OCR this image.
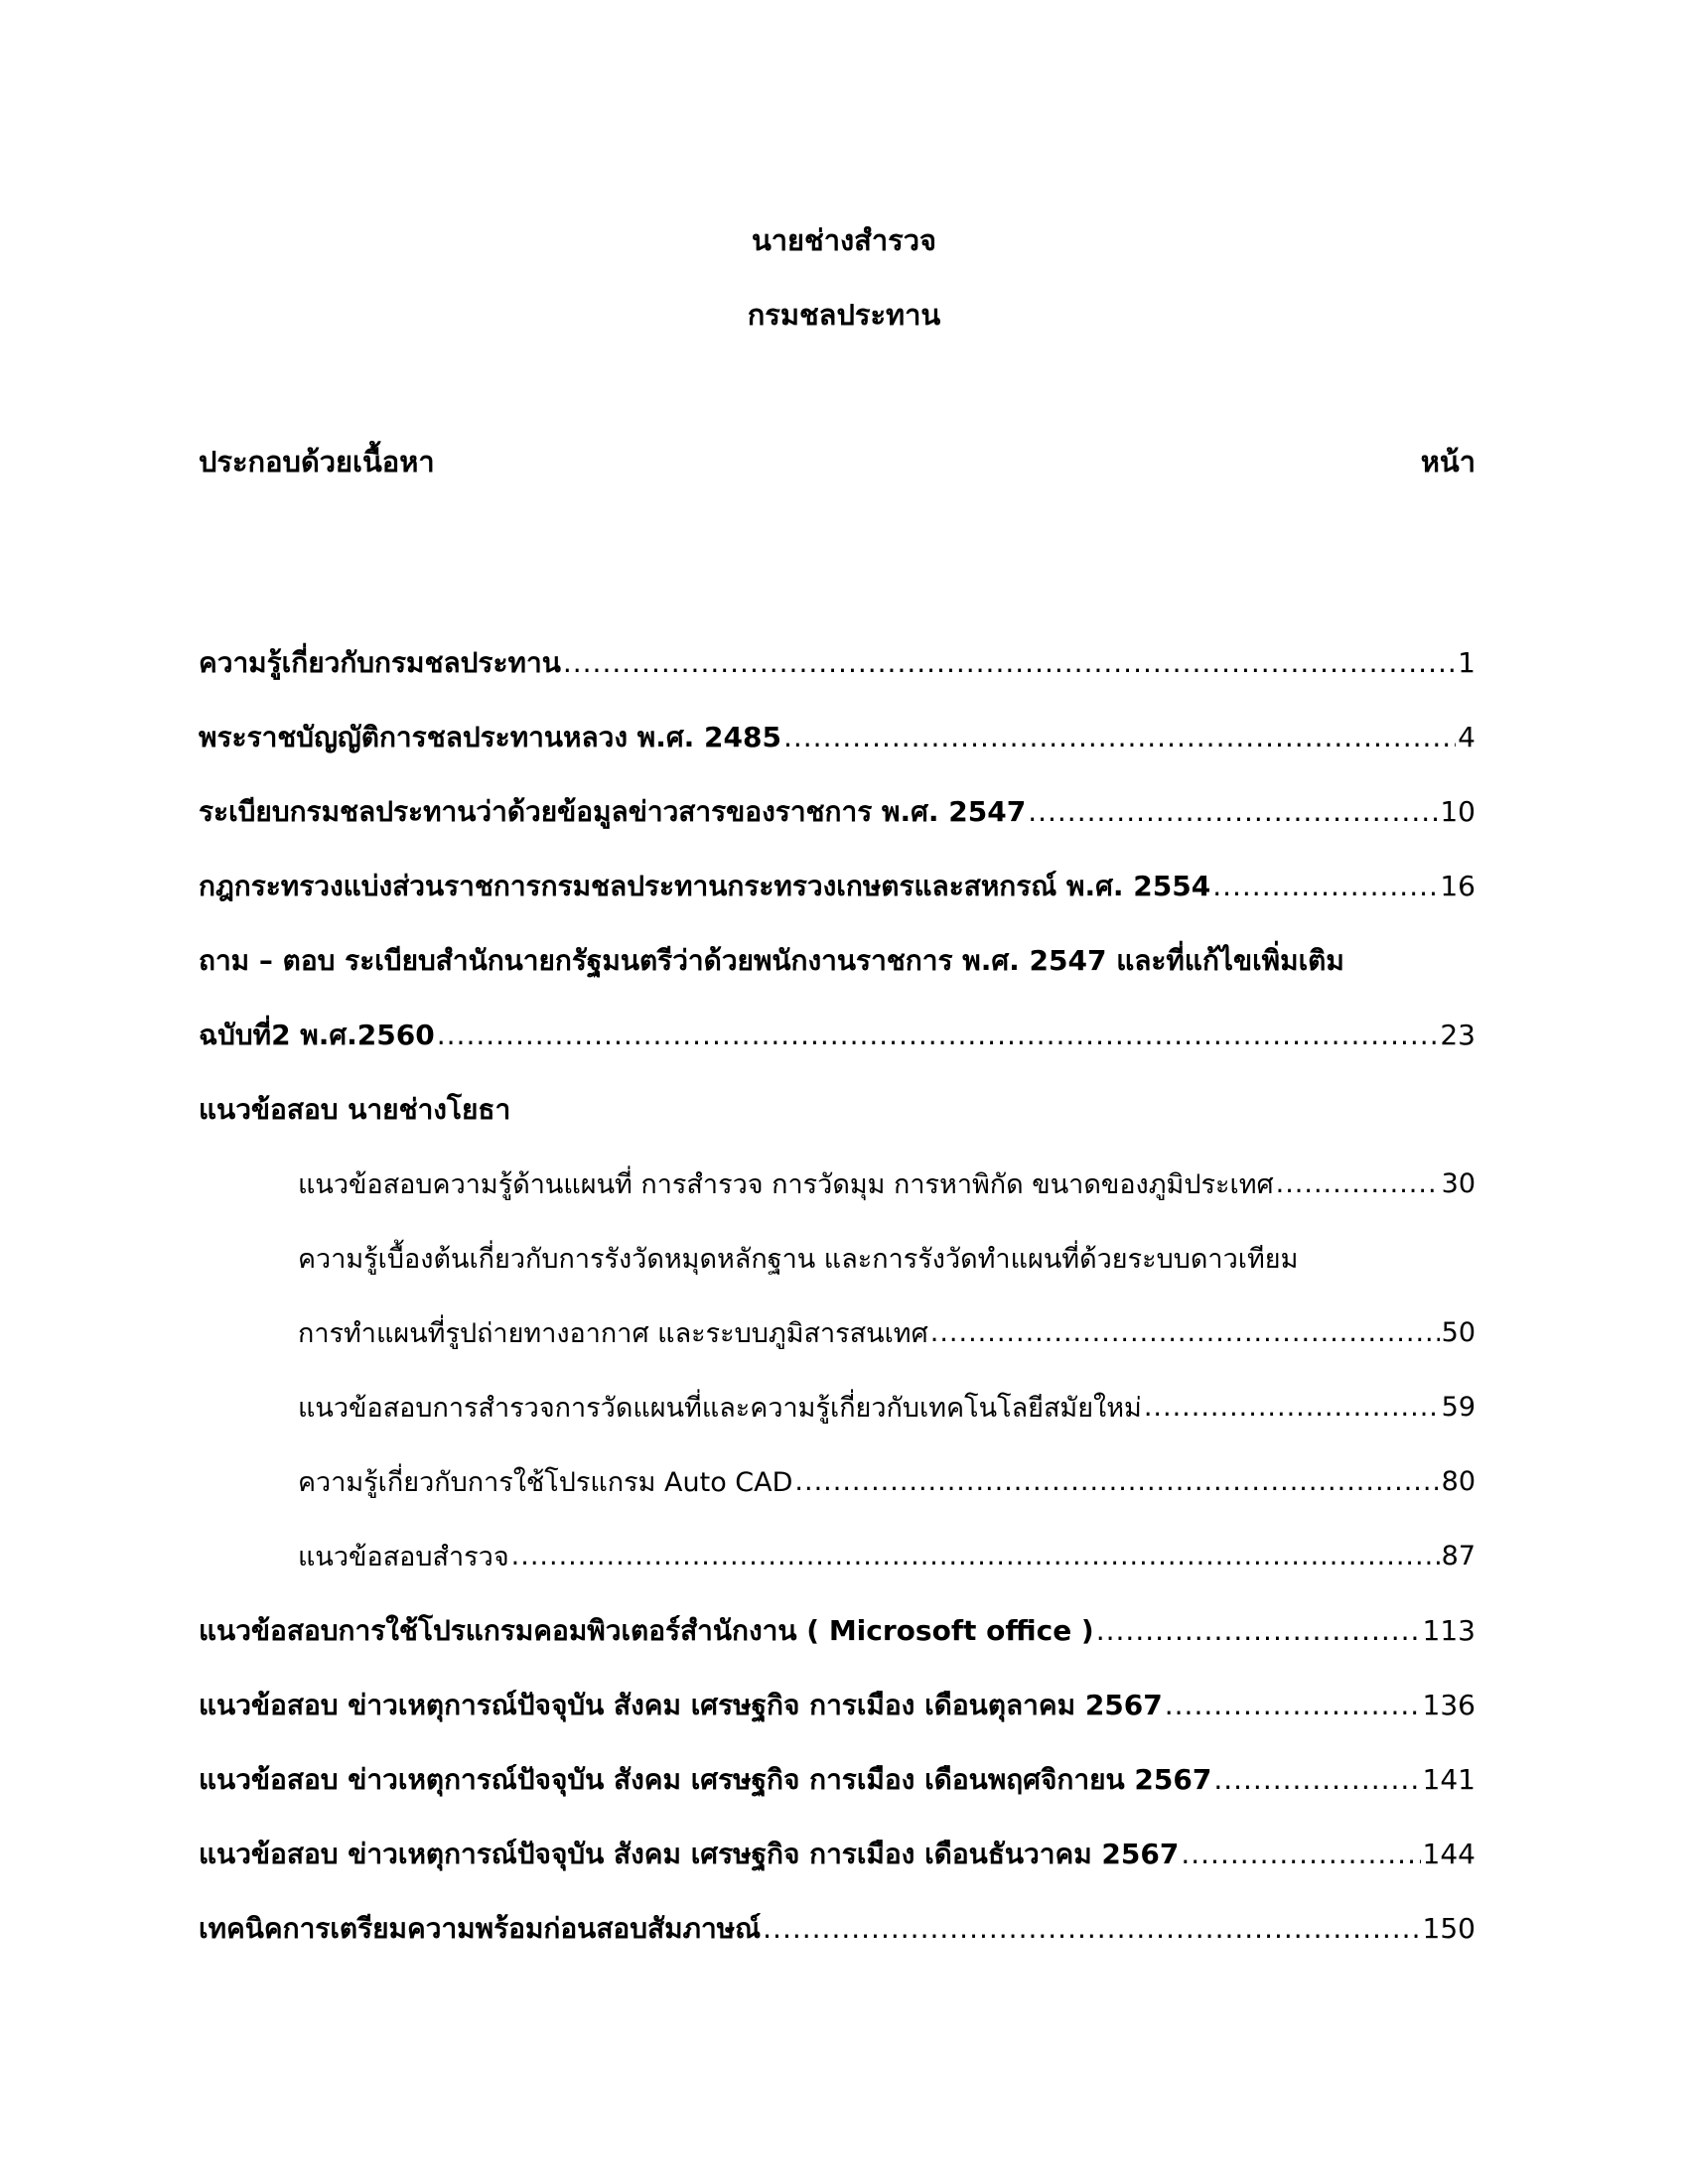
นายช่างสำรวจ
กรมชลประทาน
ประกอบด้วยเนื้อหา	หน้า
ความรู้เกี่ยวกับกรมชลประทาน .....	1
พระราชบัญญัติการชลประทานหลวง พ.ศ. 2485 .....	4
ระเบียบกรมชลประทานว่าด้วยข้อมูลข่าวสารของราชการ พ.ศ. 2547 .....	10
กฎกระทรวงแบ่งส่วนราชการกรมชลประทานกระทรวงเกษตรและสหกรณ์ พ.ศ. 2554 .....	16
ถาม – ตอบ ระเบียบสำนักนายกรัฐมนตรีว่าด้วยพนักงานราชการ พ.ศ. 2547 และที่แก้ไขเพิ่มเติม
ฉบับที่2 พ.ศ.2560 .....	23
แนวข้อสอบ นายช่างโยธา
แนวข้อสอบความรู้ด้านแผนที่ การสำรวจ การวัดมุม การหาพิกัด ขนาดของภูมิประเทศ .....	30
ความรู้เบื้องต้นเกี่ยวกับการรังวัดหมุดหลักฐาน และการรังวัดทำแผนที่ด้วยระบบดาวเทียม
การทำแผนที่รูปถ่ายทางอากาศ และระบบภูมิสารสนเทศ .....	50
แนวข้อสอบการสำรวจการวัดแผนที่และความรู้เกี่ยวกับเทคโนโลยีสมัยใหม่ .....	59
ความรู้เกี่ยวกับการใช้โปรแกรม Auto CAD .....	80
แนวข้อสอบสำรวจ .....	87
แนวข้อสอบการใช้โปรแกรมคอมพิวเตอร์สำนักงาน ( Microsoft office ) .....	113
แนวข้อสอบ ข่าวเหตุการณ์ปัจจุบัน สังคม เศรษฐกิจ การเมือง เดือนตุลาคม 2567 .....	136
แนวข้อสอบ ข่าวเหตุการณ์ปัจจุบัน สังคม เศรษฐกิจ การเมือง เดือนพฤศจิกายน 2567 .....	141
แนวข้อสอบ ข่าวเหตุการณ์ปัจจุบัน สังคม เศรษฐกิจ การเมือง เดือนธันวาคม 2567 .....	144
เทคนิคการเตรียมความพร้อมก่อนสอบสัมภาษณ์ .....	150
